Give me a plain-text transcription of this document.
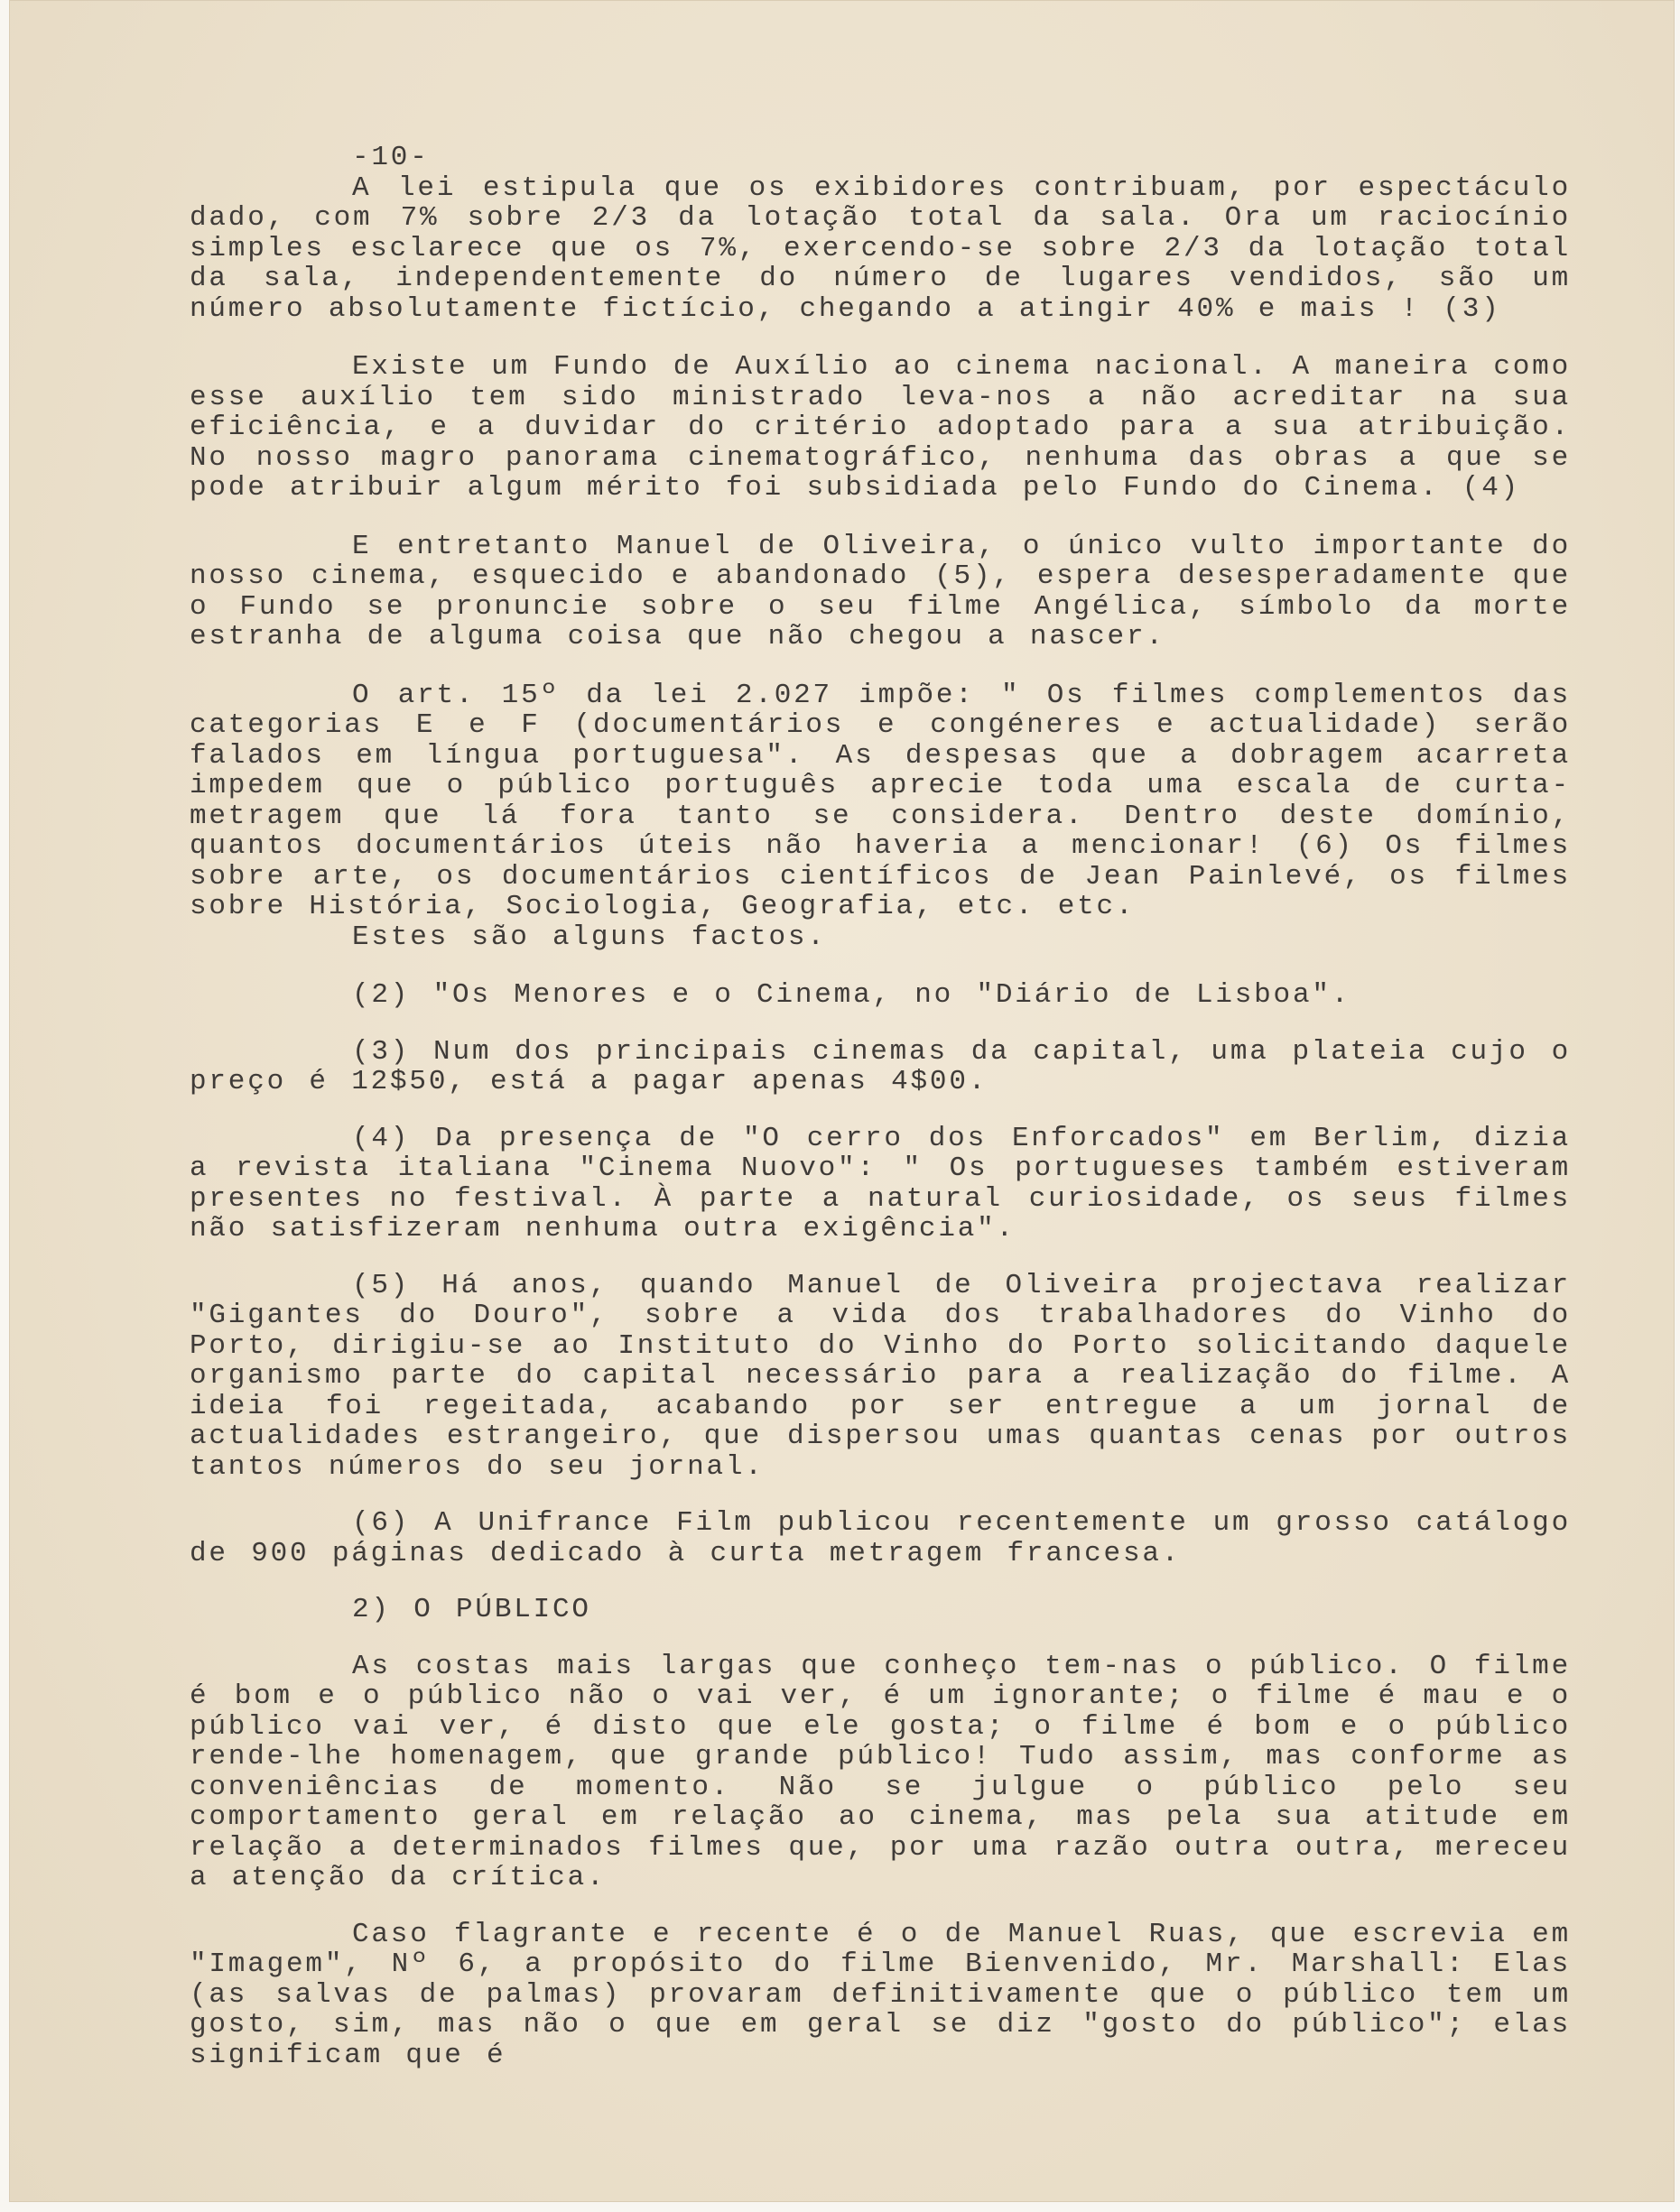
-10-

A lei estipula que os exibidores contribuam, por espectáculo dado, com 7% sobre 2/3 da lotação total da sala. Ora um raciocínio simples esclarece que os 7%, exercendo-se sobre 2/3 da lotação total da sala, independentemente do número de lugares vendidos, são um número absolutamente fictício, chegando a atingir 40% e mais ! (3)

Existe um Fundo de Auxílio ao cinema nacional. A maneira como esse auxílio tem sido ministrado leva-nos a não acreditar na sua eficiência, e a duvidar do critério adoptado para a sua atribuição. No nosso magro panorama cinematográfico, nenhuma das obras a que se pode atribuir algum mérito foi subsidiada pelo Fundo do Cinema. (4)

E entretanto Manuel de Oliveira, o único vulto importante do nosso cinema, esquecido e abandonado (5), espera desesperadamente que o Fundo se pronuncie sobre o seu filme Angélica, símbolo da morte estranha de alguma coisa que não chegou a nascer.

O art. 15º da lei 2.027 impõe: " Os filmes complementos das categorias E e F (documentários e congéneres e actualidade) serão falados em língua portuguesa". As despesas que a dobragem acarreta impedem que o público português aprecie toda uma escala de curta-metragem que lá fora tanto se considera. Dentro deste domínio, quantos documentários úteis não haveria a mencionar! (6) Os filmes sobre arte, os documentários científicos de Jean Painlevé, os filmes sobre História, Sociologia, Geografia, etc. etc.

Estes são alguns factos.

(2) "Os Menores e o Cinema, no "Diário de Lisboa".

(3) Num dos principais cinemas da capital, uma plateia cujo o preço é 12$50, está a pagar apenas 4$00.

(4) Da presença de "O cerro dos Enforcados" em Berlim, dizia a revista italiana "Cinema Nuovo": " Os portugueses também estiveram presentes no festival. À parte a natural curiosidade, os seus filmes não satisfizeram nenhuma outra exigência".

(5) Há anos, quando Manuel de Oliveira projectava realizar "Gigantes do Douro", sobre a vida dos trabalhadores do Vinho do Porto, dirigiu-se ao Instituto do Vinho do Porto solicitando daquele organismo parte do capital necessário para a realização do filme. A ideia foi regeitada, acabando por ser entregue a um jornal de actualidades estrangeiro, que dispersou umas quantas cenas por outros tantos números do seu jornal.

(6) A Unifrance Film publicou recentemente um grosso catálogo de 900 páginas dedicado à curta metragem francesa.

2) O PÚBLICO

As costas mais largas que conheço tem-nas o público. O filme é bom e o público não o vai ver, é um ignorante; o filme é mau e o público vai ver, é disto que ele gosta; o filme é bom e o público rende-lhe homenagem, que grande público! Tudo assim, mas conforme as conveniências de momento. Não se julgue o público pelo seu comportamento geral em relação ao cinema, mas pela sua atitude em relação a determinados filmes que, por uma razão outra outra, mereceu a atenção da crítica.

Caso flagrante e recente é o de Manuel Ruas, que escrevia em "Imagem", Nº 6, a propósito do filme Bienvenido, Mr. Marshall: Elas (as salvas de palmas) provaram definitivamente que o público tem um gosto, sim, mas não o que em geral se diz "gosto do público"; elas significam que é
